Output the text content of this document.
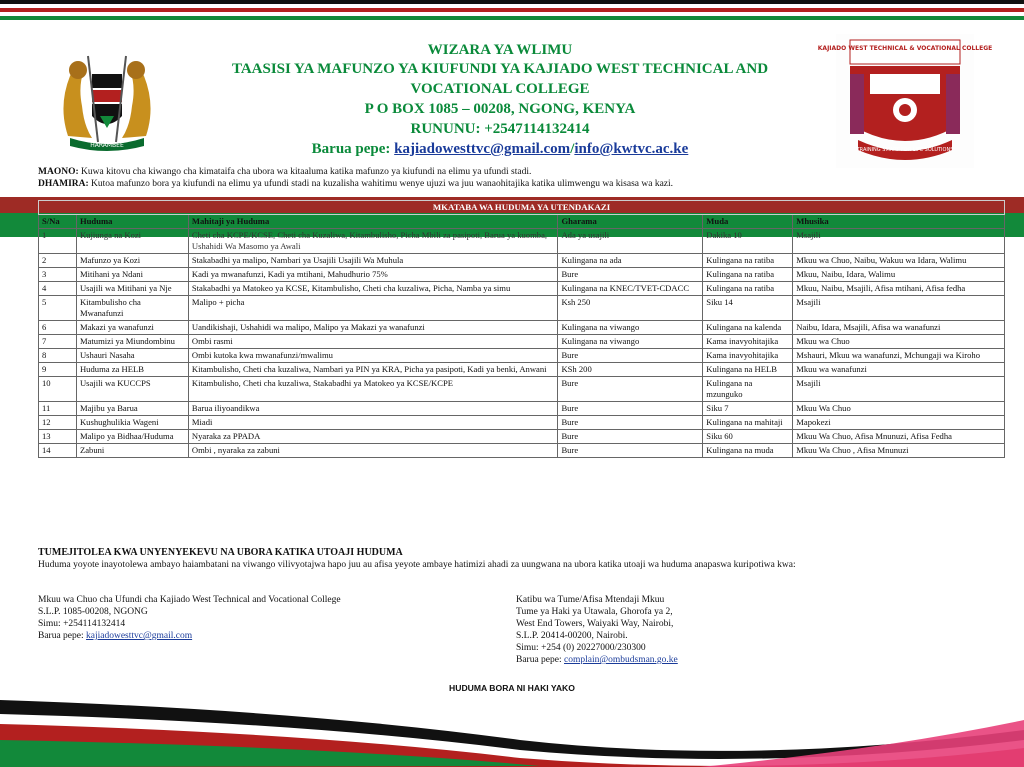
HARAMBEE
WIZARA YA WLIMU
TAASISI YA MAFUNZO YA KIUFUNDI YA KAJIADO WEST TECHNICAL AND
VOCATIONAL COLLEGE
P O BOX 1085 – 00208, NGONG, KENYA
RUNUNU: +2547114132414
Barua pepe: kajiadowesttvc@gmail.com/info@kwtvc.ac.ke
KAJIADO WEST TECHNICAL & VOCATIONAL COLLEGE
TRAINING SMART FOR LIFE SOLUTIONS
MAONO: Kuwa kitovu cha kiwango cha kimataifa cha ubora wa kitaaluma katika mafunzo ya kiufundi na elimu ya ufundi stadi.
DHAMIRA: Kutoa mafunzo bora ya kiufundi na elimu ya ufundi stadi na kuzalisha wahitimu wenye ujuzi wa juu wanaohitajika katika ulimwengu wa kisasa wa kazi.
MKATABA WA HUDUMA YA UTENDAKAZI					
S/Na	Huduma	Mahitaji ya Huduma	Gharama	Muda	Mhusika
1	Kujiunga na Kozi	Cheti cha KCPE/KCSE, Cheti cha Kuzaliwa, Kitambulisho, Picha Mbili za pasipoti, Barua ya kuomba, Ushahidi Wa Masomo ya Awali	Ada ya usajili	Dakika 10	Msajili
2	Mafunzo ya Kozi	Stakabadhi ya malipo, Nambari ya Usajili Usajili Wa Muhula	Kulingana na ada	Kulingana na ratiba	Mkuu wa Chuo, Naibu, Wakuu wa Idara, Walimu
3	Mitihani ya Ndani	Kadi ya mwanafunzi, Kadi ya mtihani, Mahudhurio 75%	Bure	Kulingana na ratiba	Mkuu, Naibu, Idara, Walimu
4	Usajili wa Mitihani ya Nje	Stakabadhi ya Matokeo ya KCSE, Kitambulisho, Cheti cha kuzaliwa, Picha, Namba ya simu	Kulingana na KNEC/TVET-CDACC	Kulingana na ratiba	Mkuu, Naibu, Msajili, Afisa mtihani, Afisa fedha
5	Kitambulisho cha Mwanafunzi	Malipo + picha	Ksh 250	Siku 14	Msajili
6	Makazi ya wanafunzi	Uandikishaji, Ushahidi wa malipo, Malipo ya Makazi ya wanafunzi	Kulingana na viwango	Kulingana na kalenda	Naibu, Idara, Msajili, Afisa wa wanafunzi
7	Matumizi ya Miundombinu	Ombi rasmi	Kulingana na viwango	Kama inavyohitajika	Mkuu wa Chuo
8	Ushauri Nasaha	Ombi kutoka kwa mwanafunzi/mwalimu	Bure	Kama inavyohitajika	Mshauri, Mkuu wa wanafunzi, Mchungaji wa Kiroho
9	Huduma za HELB	Kitambulisho, Cheti cha kuzaliwa, Nambari ya PIN ya KRA, Picha ya pasipoti, Kadi ya benki, Anwani	KSh 200	Kulingana na HELB	Mkuu wa wanafunzi
10	Usajili wa KUCCPS	Kitambulisho, Cheti cha kuzaliwa, Stakabadhi ya Matokeo ya KCSE/KCPE	Bure	Kulingana na mzunguko	Msajili
11	Majibu ya Barua	Barua iliyoandikwa	Bure	Siku 7	Mkuu Wa Chuo
12	Kushughulikia Wageni	Miadi	Bure	Kulingana na mahitaji	Mapokezi
13	Malipo ya Bidhaa/Huduma	Nyaraka za PPADA	Bure	Siku 60	Mkuu Wa Chuo, Afisa Mnunuzi, Afisa Fedha
14	Zabuni	Ombi , nyaraka za zabuni	Bure	Kulingana na muda	Mkuu Wa Chuo , Afisa Mnunuzi
TUMEJITOLEA KWA UNYENYEKEVU NA UBORA KATIKA UTOAJI HUDUMA
Huduma yoyote inayotolewa ambayo haiambatani na viwango vilivyotajwa hapo juu au afisa yeyote ambaye hatimizi ahadi za uungwana na ubora katika utoaji wa huduma anapaswa kuripotiwa kwa:
Mkuu wa Chuo cha Ufundi cha Kajiado West Technical and Vocational College
S.L.P. 1085-00208, NGONG
Simu: +254114132414
Barua pepe: kajiadowesttvc@gmail.com
Katibu wa Tume/Afisa Mtendaji Mkuu
Tume ya Haki ya Utawala, Ghorofa ya 2,
West End Towers, Waiyaki Way, Nairobi,
S.L.P. 20414-00200, Nairobi.
Simu: +254 (0) 20227000/230300
Barua pepe: complain@ombudsman.go.ke
HUDUMA BORA NI HAKI YAKO
